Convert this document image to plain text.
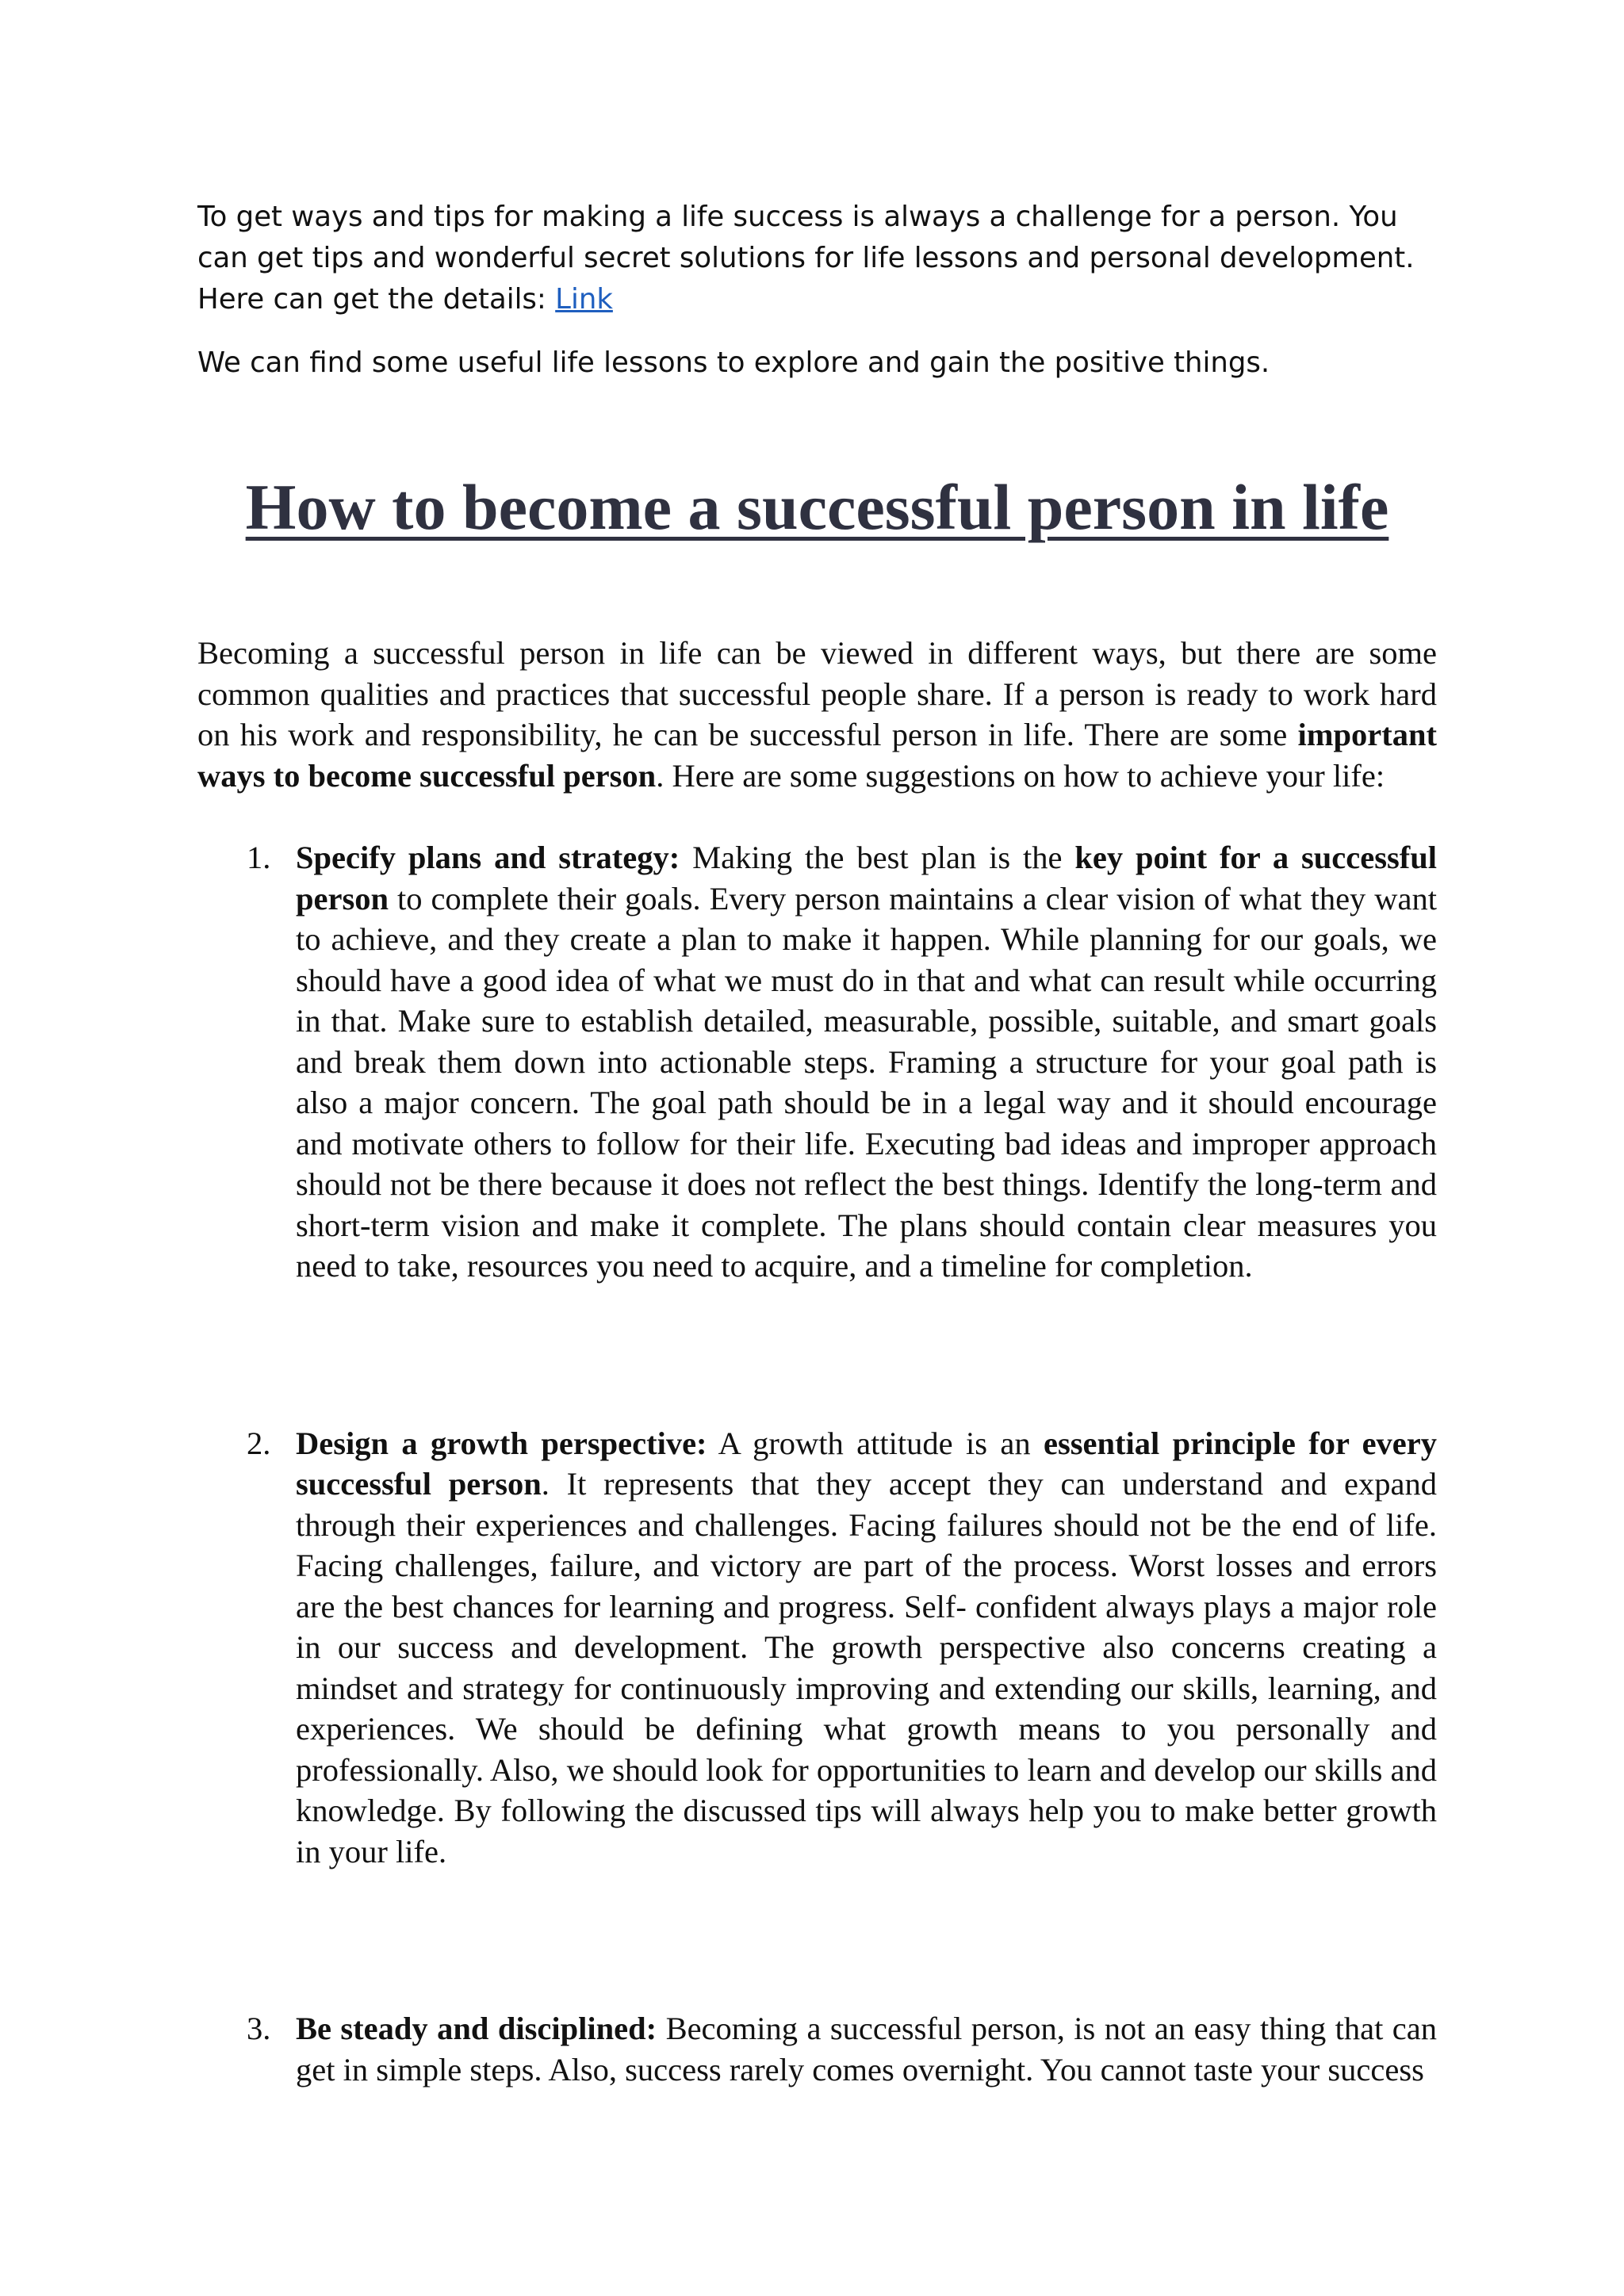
To get ways and tips for making a life success is always a challenge for a person. You can get tips and wonderful secret solutions for life lessons and personal development. Here can get the details: Link

We can find some useful life lessons to explore and gain the positive things.

How to become a successful person in life

Becoming a successful person in life can be viewed in different ways, but there are some common qualities and practices that successful people share. If a person is ready to work hard on his work and responsibility, he can be successful person in life. There are some important ways to become successful person. Here are some suggestions on how to achieve your life:

1. Specify plans and strategy: Making the best plan is the key point for a successful person to complete their goals. Every person maintains a clear vision of what they want to achieve, and they create a plan to make it happen. While planning for our goals, we should have a good idea of what we must do in that and what can result while occurring in that. Make sure to establish detailed, measurable, possible, suitable, and smart goals and break them down into actionable steps. Framing a structure for your goal path is also a major concern. The goal path should be in a legal way and it should encourage and motivate others to follow for their life. Executing bad ideas and improper approach should not be there because it does not reflect the best things. Identify the long-term and short-term vision and make it complete. The plans should contain clear measures you need to take, resources you need to acquire, and a timeline for completion.
2. Design a growth perspective: A growth attitude is an essential principle for every successful person. It represents that they accept they can understand and expand through their experiences and challenges. Facing failures should not be the end of life. Facing challenges, failure, and victory are part of the process. Worst losses and errors are the best chances for learning and progress. Self- confident always plays a major role in our success and development. The growth perspective also concerns creating a mindset and strategy for continuously improving and extending our skills, learning, and experiences. We should be defining what growth means to you personally and professionally. Also, we should look for opportunities to learn and develop our skills and knowledge. By following the discussed tips will always help you to make better growth in your life.
3. Be steady and disciplined: Becoming a successful person, is not an easy thing that can get in simple steps. Also, success rarely comes overnight. You cannot taste your success
